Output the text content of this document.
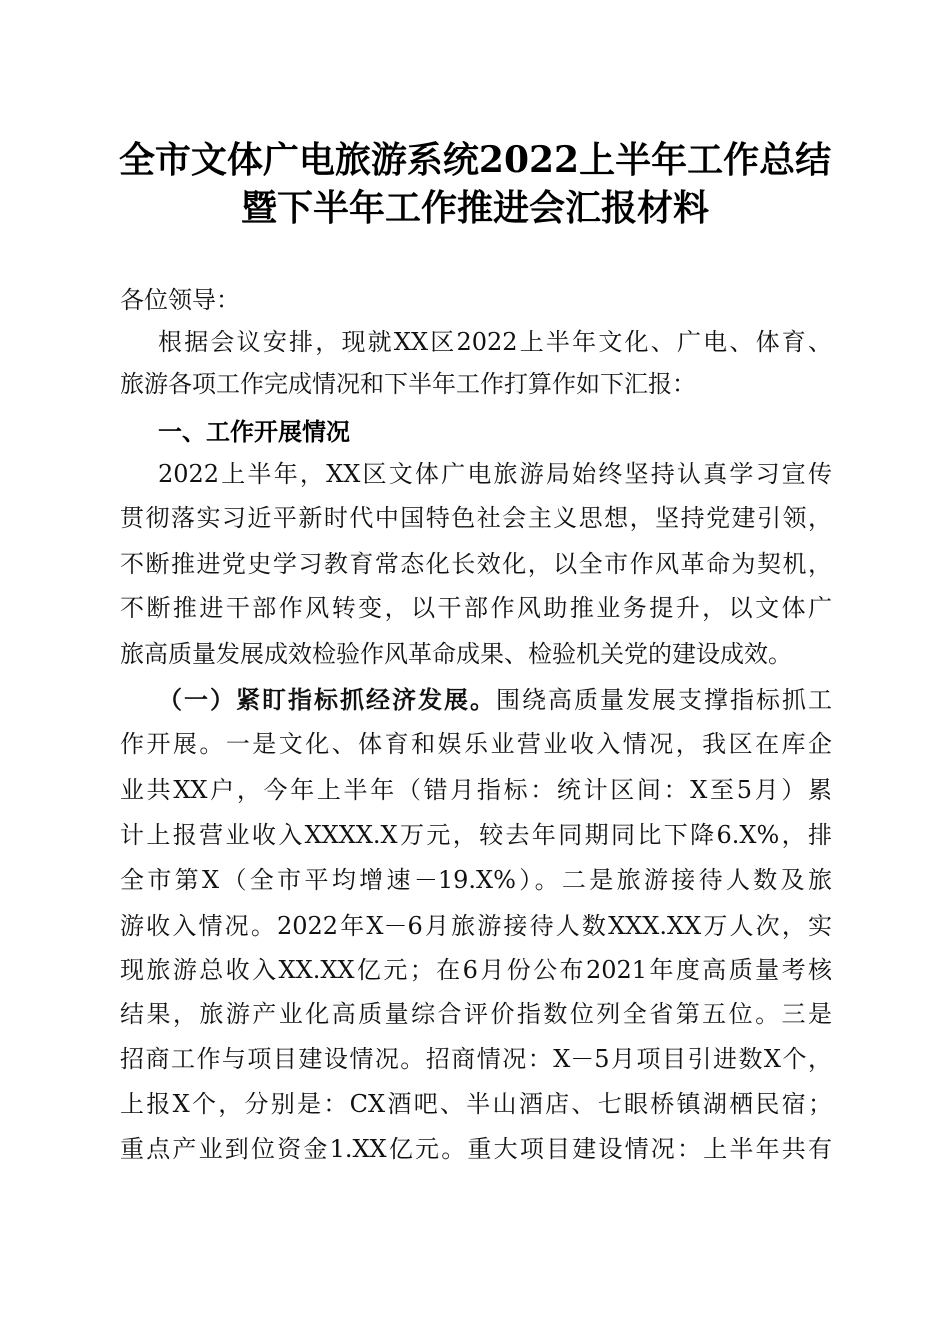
全市文体广电旅游系统2022上半年工作总结
暨下半年工作推进会汇报材料
各位领导：
根据会议安排，现就XX区2022上半年文化、广电、体育、
旅游各项工作完成情况和下半年工作打算作如下汇报：
一、工作开展情况
2022上半年，XX区文体广电旅游局始终坚持认真学习宣传
贯彻落实习近平新时代中国特色社会主义思想，坚持党建引领，
不断推进党史学习教育常态化长效化，以全市作风革命为契机，
不断推进干部作风转变，以干部作风助推业务提升，以文体广
旅高质量发展成效检验作风革命成果、检验机关党的建设成效。
（一）紧盯指标抓经济发展。围绕高质量发展支撑指标抓工
作开展。一是文化、体育和娱乐业营业收入情况，我区在库企
业共XX户，今年上半年（错月指标：统计区间：X至5月）累
计上报营业收入XXXX.X万元，较去年同期同比下降6.X%，排
全市第X（全市平均增速－19.X%）。二是旅游接待人数及旅
游收入情况。2022年X－6月旅游接待人数XXX.XX万人次，实
现旅游总收入XX.XX亿元；在6月份公布2021年度高质量考核
结果，旅游产业化高质量综合评价指数位列全省第五位。三是
招商工作与项目建设情况。招商情况：X－5月项目引进数X个，
上报X个，分别是：CX酒吧、半山酒店、七眼桥镇湖栖民宿；
重点产业到位资金1.XX亿元。重大项目建设情况：上半年共有
